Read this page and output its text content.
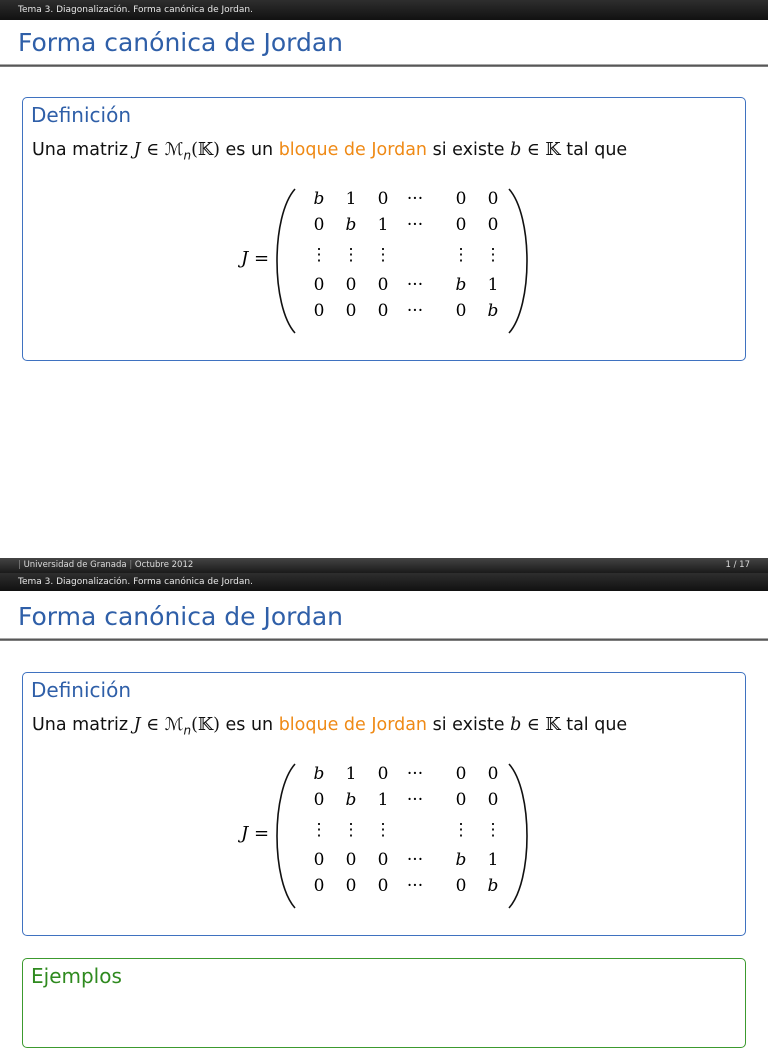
Tema 3. Diagonalización. Forma canónica de Jordan.
Forma canónica de Jordan
Definición
Una matriz J ∈ ℳ$_n$(𝕂) es un bloque de Jordan si existe b ∈ 𝕂 tal que
J =
b 1 0 ··· 0 0
0 b 1 ··· 0 0
⋮ ⋮ ⋮	⋮ ⋮
0 0 0 ··· b 1
0 0 0 ··· 0 b
| Universidad de Granada | Octubre 2012	1 / 17
Tema 3. Diagonalización. Forma canónica de Jordan.
Forma canónica de Jordan
Definición
Una matriz J ∈ ℳ$_n$(𝕂) es un bloque de Jordan si existe b ∈ 𝕂 tal que
J =
b 1 0 ··· 0 0
0 b 1 ··· 0 0
⋮ ⋮ ⋮	⋮ ⋮
0 0 0 ··· b 1
0 0 0 ··· 0 b
Ejemplos
